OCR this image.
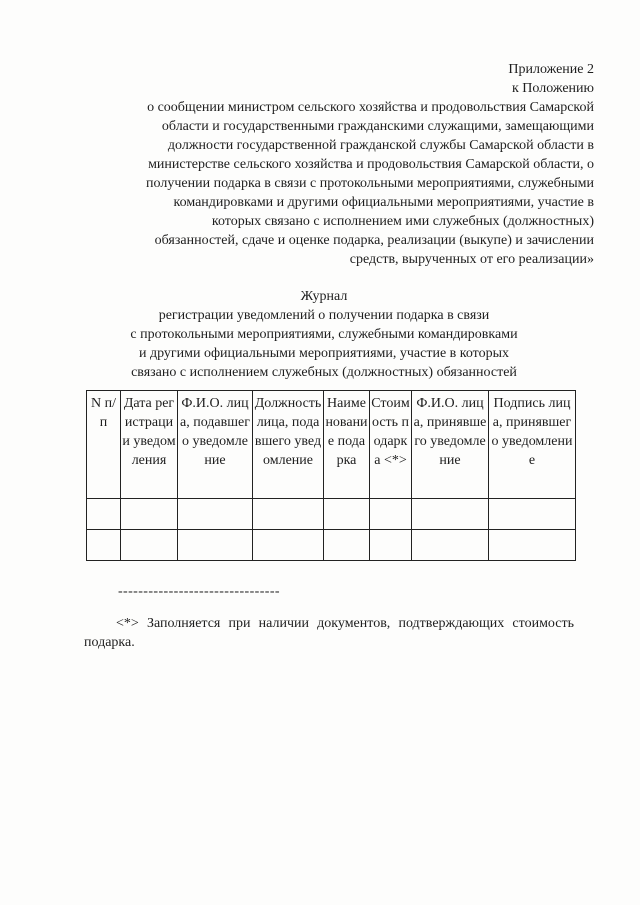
Приложение 2
к Положению
о сообщении министром сельского хозяйства и продовольствия Самарской
области и государственными гражданскими служащими, замещающими
должности государственной гражданской службы Самарской области в
министерстве сельского хозяйства и продовольствия Самарской области, о
получении подарка в связи с протокольными мероприятиями, служебными
командировками и другими официальными мероприятиями, участие в
которых связано с исполнением ими служебных (должностных)
обязанностей, сдаче и оценке подарка, реализации (выкупе) и зачислении
средств, вырученных от его реализации»
Журнал
регистрации уведомлений о получении подарка в связи
с протокольными мероприятиями, служебными командировками
и другими официальными мероприятиями, участие в которых
связано с исполнением служебных (должностных) обязанностей
N п/п	Дата регистрации уведомления	Ф.И.О. лица, подавшего уведомление	Должность лица, подавшего уведомление	Наименование подарка	Стоимость подарка <*>	Ф.И.О. лица, принявшего уведомление	Подпись лица, принявшего уведомление

--------------------------------
<*> Заполняется при наличии документов, подтверждающих стоимость подарка.
